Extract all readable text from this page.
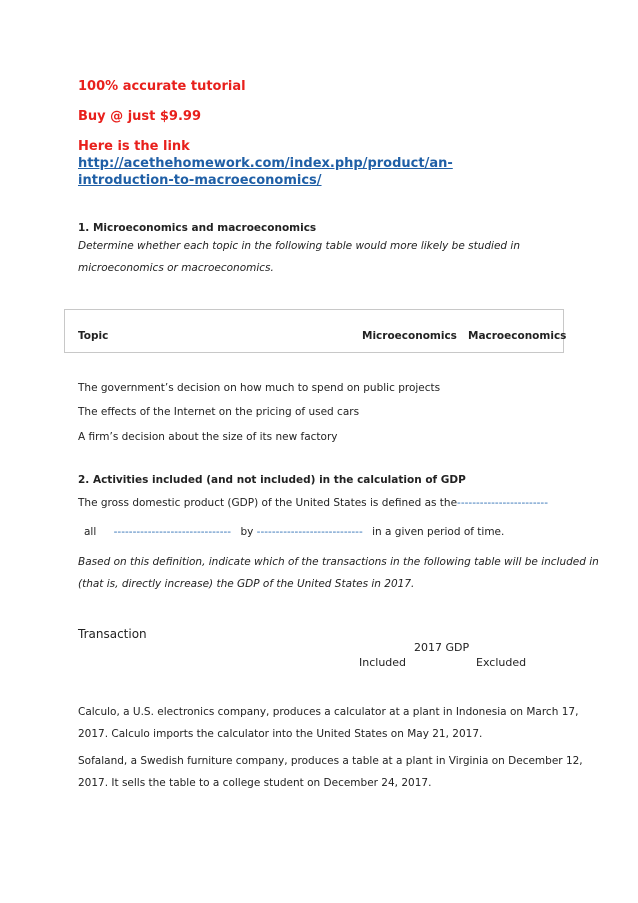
100% accurate tutorial
Buy @ just $9.99
Here is the link
http://acethehomework.com/index.php/product/an-
introduction-to-macroeconomics/
1. Microeconomics and macroeconomics
Determine whether each topic in the following table would more likely be studied in
microeconomics or macroeconomics.
Topic	Microeconomics Macroeconomics
The government’s decision on how much to spend on public projects
The effects of the Internet on the pricing of used cars
A firm’s decision about the size of its new factory
2. Activities included (and not included) in the calculation of GDP
The gross domestic product (GDP) of the United States is defined as the------------------------
all ------------------------------- by ---------------------------- in a given period of time.
Based on this definition, indicate which of the transactions in the following table will be included in
(that is, directly increase) the GDP of the United States in 2017.
Transaction
2017 GDP
Included	Excluded
Calculo, a U.S. electronics company, produces a calculator at a plant in Indonesia on March 17,
2017. Calculo imports the calculator into the United States on May 21, 2017.
Sofaland, a Swedish furniture company, produces a table at a plant in Virginia on December 12,
2017. It sells the table to a college student on December 24, 2017.
